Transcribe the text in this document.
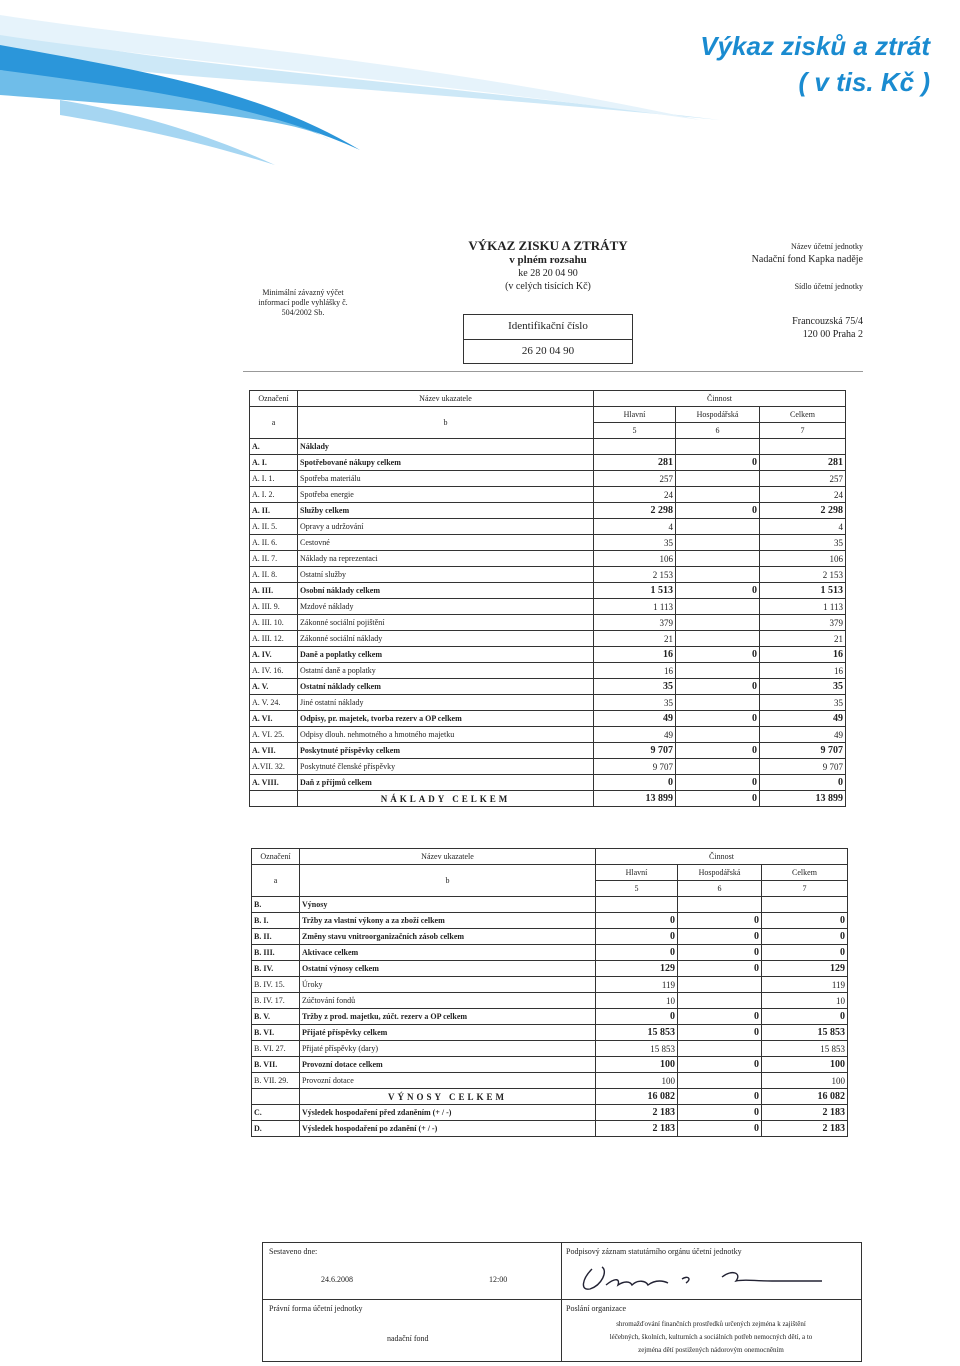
Výkaz zisků a ztrát
( v tis. Kč )
Minimální závazný výčet
informací podle vyhlášky č.
504/2002 Sb.
VÝKAZ ZISKU A ZTRÁTY
v plném rozsahu
ke 28 20 04 90
(v celých tisících Kč)
Identifikační číslo
26 20 04 90
Název účetní jednotky
Nadační fond Kapka naděje
Sídlo účetní jednotky
Francouzská 75/4
120 00 Praha 2
Označení	Název ukazatele	Činnost		
a	b	Hlavní	Hospodářská	Celkem
		5	6	7
A.	Náklady			
A. I.	Spotřebované nákupy celkem	281	0	281
A. I. 1.	Spotřeba materiálu	257		257
A. I. 2.	Spotřeba energie	24		24
A. II.	Služby celkem	2 298	0	2 298
A. II. 5.	Opravy a udržování	4		4
A. II. 6.	Cestovné	35		35
A. II. 7.	Náklady na reprezentaci	106		106
A. II. 8.	Ostatní služby	2 153		2 153
A. III.	Osobní náklady celkem	1 513	0	1 513
A. III. 9.	Mzdové náklady	1 113		1 113
A. III. 10.	Zákonné sociální pojištění	379		379
A. III. 12.	Zákonné sociální náklady	21		21
A. IV.	Daně a poplatky celkem	16	0	16
A. IV. 16.	Ostatní daně a poplatky	16		16
A. V.	Ostatní náklady celkem	35	0	35
A. V. 24.	Jiné ostatní náklady	35		35
A. VI.	Odpisy, pr. majetek, tvorba rezerv a OP celkem	49	0	49
A. VI. 25.	Odpisy dlouh. nehmotného a hmotného majetku	49		49
A. VII.	Poskytnuté příspěvky celkem	9 707	0	9 707
A.VII. 32.	Poskytnuté členské příspěvky	9 707		9 707
A. VIII.	Daň z příjmů celkem	0	0	0
	NÁKLADY CELKEM	13 899	0	13 899
Označení	Název ukazatele	Činnost		
a	b	Hlavní	Hospodářská	Celkem
		5	6	7
B.	Výnosy			
B. I.	Tržby za vlastní výkony a za zboží celkem	0	0	0
B. II.	Změny stavu vnitroorganizačních zásob celkem	0	0	0
B. III.	Aktivace celkem	0	0	0
B. IV.	Ostatní výnosy celkem	129	0	129
B. IV. 15.	Úroky	119		119
B. IV. 17.	Zúčtování fondů	10		10
B. V.	Tržby z prod. majetku, zúčt. rezerv a OP celkem	0	0	0
B. VI.	Přijaté příspěvky celkem	15 853	0	15 853
B. VI. 27.	Přijaté příspěvky (dary)	15 853		15 853
B. VII.	Provozní dotace celkem	100	0	100
B. VII. 29.	Provozní dotace	100		100
	VÝNOSY CELKEM	16 082	0	16 082
C.	Výsledek hospodaření před zdaněním (+ / -)	2 183	0	2 183
D.	Výsledek hospodaření po zdanění (+ / -)	2 183	0	2 183
Sestaveno dne:
24.6.2008	12:00
Podpisový záznam statutárního orgánu účetní jednotky
Právní forma účetní jednotky
nadační fond
Poslání organizace
shromažďování finančních prostředků určených zejména k zajištění
léčebných, školních, kulturních a sociálních potřeb nemocných dětí, a to
zejména dětí postižených nádorovým onemocněním
